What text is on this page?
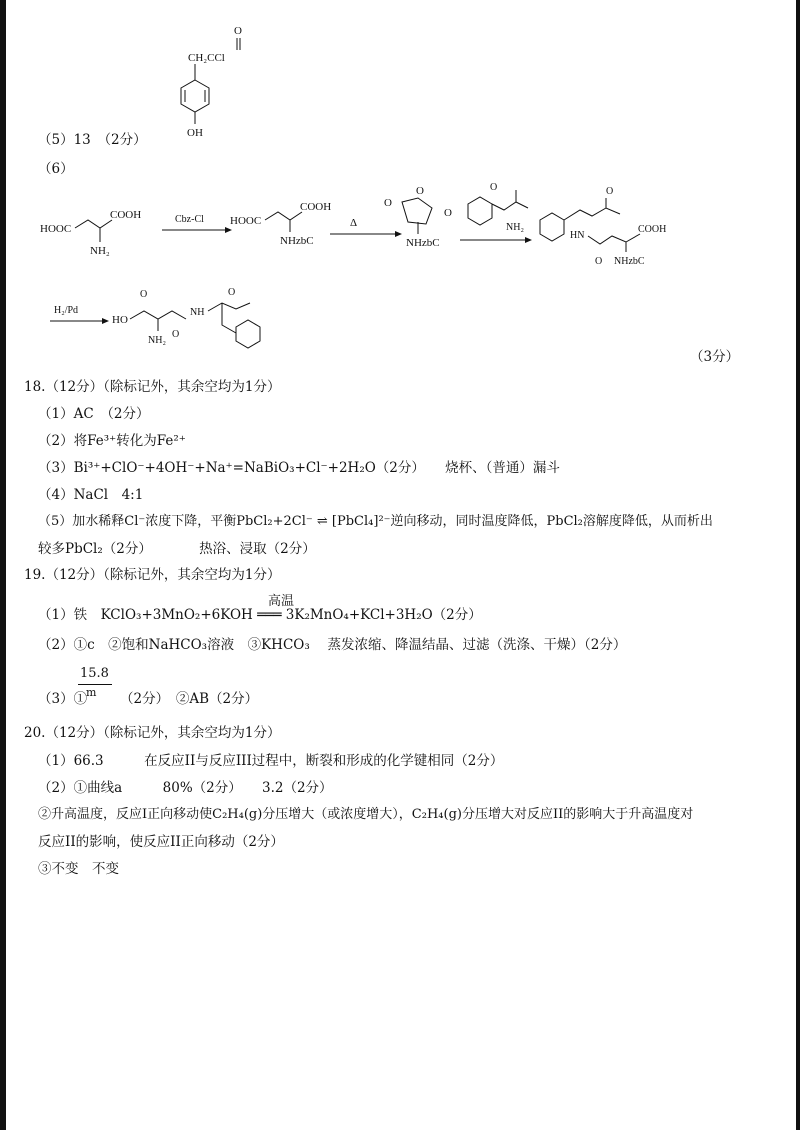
O
CH₂CCl
OH
（5）13　（2分）
（6）
HOOC
COOH
NH₂
Cbz-Cl HOOC
COOH
NHzbC
Δ
O
O
O
NHzbC
O
NH₂
O
HN
O
COOH
NHzbC
H₂/Pd
HO
O
NH₂
O
NH
O
（3分）
18.（12分）（除标记外，其余空均为1分）
（1）AC　（2分）
（2）将Fe³⁺转化为Fe²⁺
（3）Bi³⁺+ClO⁻+4OH⁻+Na⁺=NaBiO₃+Cl⁻+2H₂O（2分）　　烧杯、（普通）漏斗
（4）NaCl　4:1
（5）加水稀释Cl⁻浓度下降，平衡PbCl₂+2Cl⁻ ⇌ [PbCl₄]²⁻逆向移动，同时温度降低，PbCl₂溶解度降低，从而析出
较多PbCl₂（2分）　　　　热浴、浸取（2分）
19.（12分）（除标记外，其余空均为1分）
高温
（1）铁　KClO₃+3MnO₂+6KOH ═══ 3K₂MnO₄+KCl+3H₂O（2分）
（2）①c　②饱和NaHCO₃溶液　③KHCO₃　 蒸发浓缩、降温结晶、过滤（洗涤、干燥）（2分）
15.8
m
（3）① （2分）　②AB（2分）
20.（12分）（除标记外，其余空均为1分）
（1）66.3　　　在反应II与反应III过程中，断裂和形成的化学键相同（2分）
（2）①曲线a　　　80%（2分）　　3.2（2分）
②升高温度，反应I正向移动使C₂H₄(g)分压增大（或浓度增大），C₂H₄(g)分压增大对反应II的影响大于升高温度对
反应II的影响，使反应II正向移动（2分）
③不变　不变
